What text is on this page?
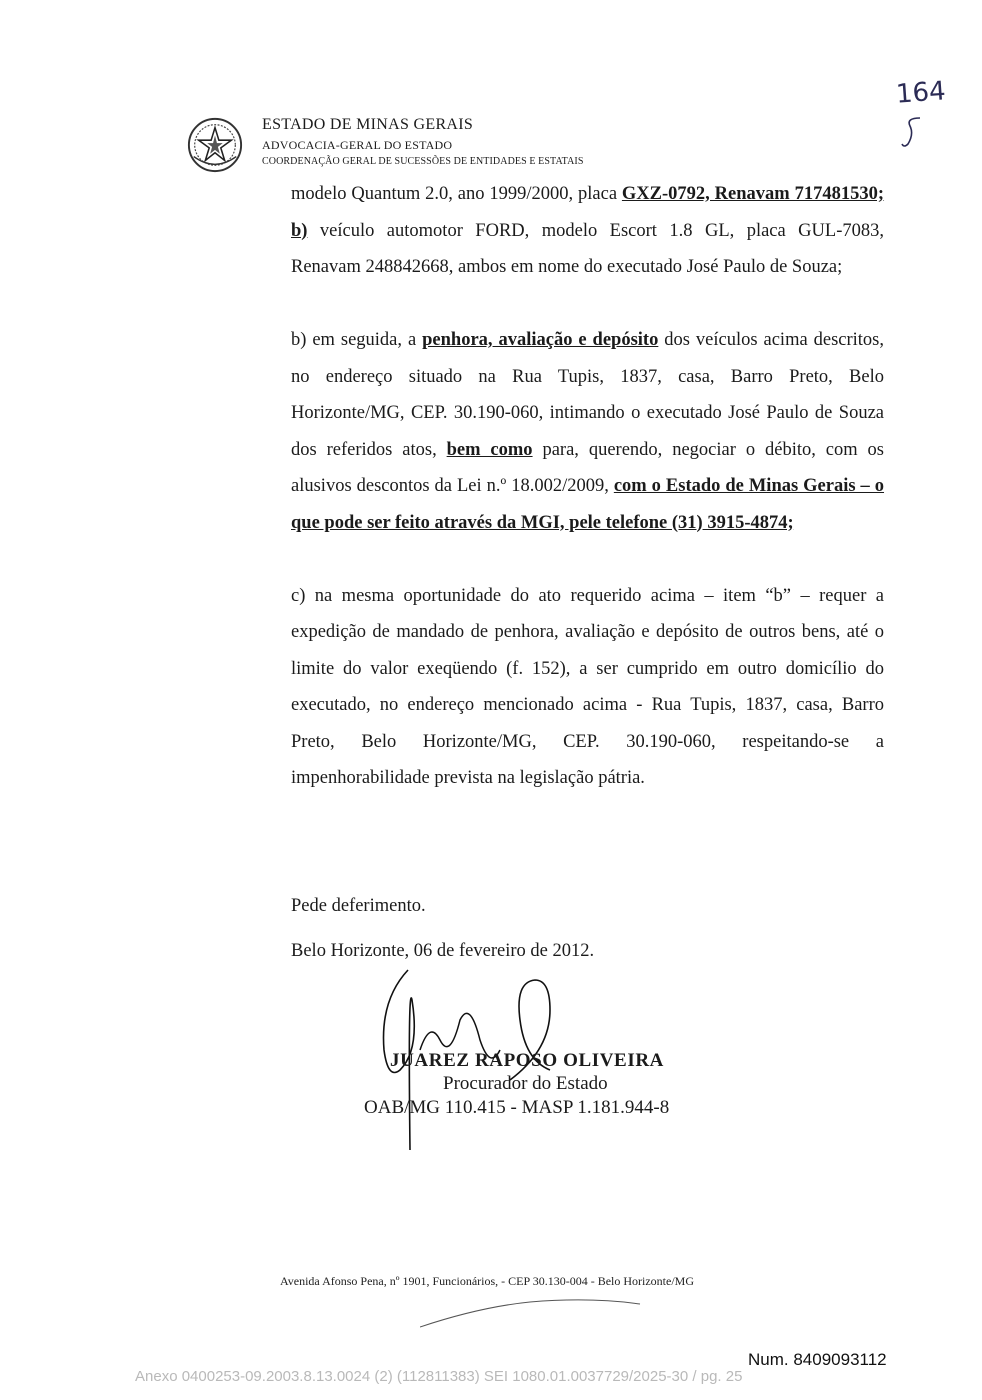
ESTADO DE MINAS GERAIS
ADVOCACIA-GERAL DO ESTADO
COORDENAÇÃO GERAL DE SUCESSÕES DE ENTIDADES E ESTATAIS
164

modelo Quantum 2.0, ano 1999/2000, placa GXZ-0792, Renavam 717481530; b) veículo automotor FORD, modelo Escort 1.8 GL, placa GUL-7083, Renavam 248842668, ambos em nome do executado José Paulo de Souza;

b) em seguida, a penhora, avaliação e depósito dos veículos acima descritos, no endereço situado na Rua Tupis, 1837, casa, Barro Preto, Belo Horizonte/MG, CEP. 30.190-060, intimando o executado José Paulo de Souza dos referidos atos, bem como para, querendo, negociar o débito, com os alusivos descontos da Lei n.º 18.002/2009, com o Estado de Minas Gerais – o que pode ser feito através da MGI, pele telefone (31) 3915-4874;

c) na mesma oportunidade do ato requerido acima – item “b” – requer a expedição de mandado de penhora, avaliação e depósito de outros bens, até o limite do valor exeqüendo (f. 152), a ser cumprido em outro domicílio do executado, no endereço mencionado acima - Rua Tupis, 1837, casa, Barro Preto, Belo Horizonte/MG, CEP. 30.190-060, respeitando-se a impenhorabilidade prevista na legislação pátria.

Pede deferimento.
Belo Horizonte, 06 de fevereiro de 2012.
JUAREZ RAPOSO OLIVEIRA
Procurador do Estado
OAB/MG 110.415 - MASP 1.181.944-8
Avenida Afonso Pena, nº 1901, Funcionários, - CEP 30.130-004 - Belo Horizonte/MG
Num. 8409093112
Anexo 0400253-09.2003.8.13.0024 (2) (112811383) SEI 1080.01.0037729/2025-30 / pg. 25
